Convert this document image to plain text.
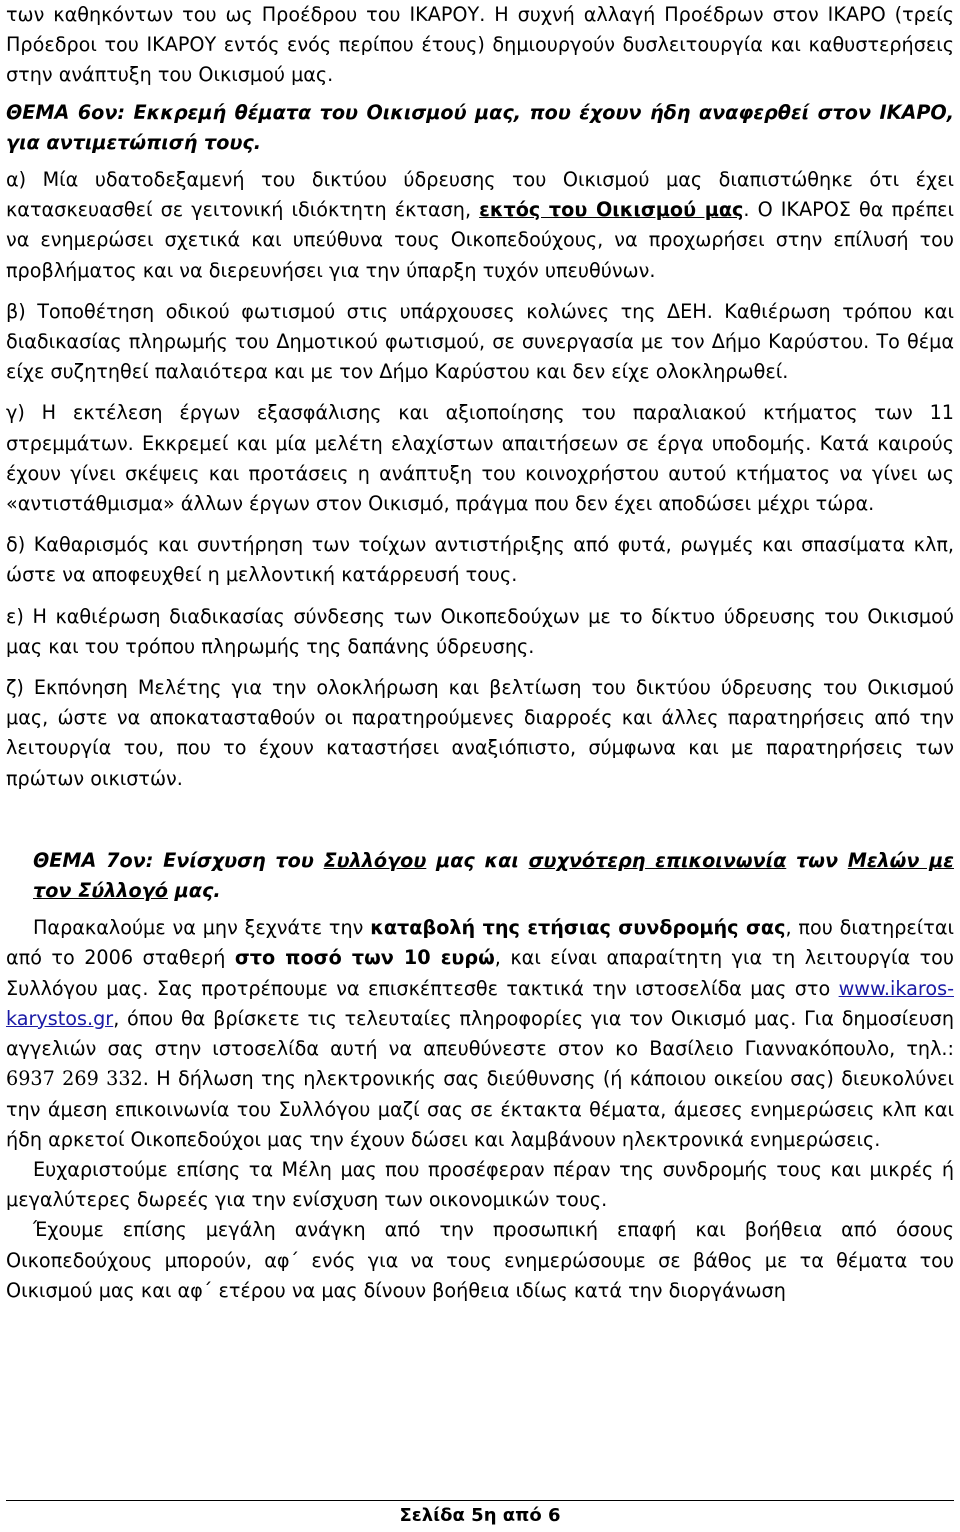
των καθηκόντων του ως Προέδρου του ΙΚΑΡΟΥ. Η συχνή αλλαγή Προέδρων στον ΙΚΑΡΟ (τρείς Πρόεδροι του ΙΚΑΡΟΥ εντός ενός περίπου έτους) δημιουργούν δυσλειτουργία και καθυστερήσεις στην ανάπτυξη του Οικισμού μας.

ΘΕΜΑ 6ον: Εκκρεμή θέματα του Οικισμού μας, που έχουν ήδη αναφερθεί στον ΙΚΑΡΟ, για αντιμετώπισή τους.

α) Μία υδατοδεξαμενή του δικτύου ύδρευσης του Οικισμού μας διαπιστώθηκε ότι έχει κατασκευασθεί σε γειτονική ιδιόκτητη έκταση, εκτός του Οικισμού μας. Ο ΙΚΑΡΟΣ θα πρέπει να ενημερώσει σχετικά και υπεύθυνα τους Οικοπεδούχους, να προχωρήσει στην επίλυσή του προβλήματος και να διερευνήσει για την ύπαρξη τυχόν υπευθύνων.

β) Τοποθέτηση οδικού φωτισμού στις υπάρχουσες κολώνες της ΔΕΗ. Καθιέρωση τρόπου και διαδικασίας πληρωμής του Δημοτικού φωτισμού, σε συνεργασία με τον Δήμο Καρύστου. Το θέμα είχε συζητηθεί παλαιότερα και με τον Δήμο Καρύστου και δεν είχε ολοκληρωθεί.

γ) Η εκτέλεση έργων εξασφάλισης και αξιοποίησης του παραλιακού κτήματος των 11 στρεμμάτων. Εκκρεμεί και μία μελέτη ελαχίστων απαιτήσεων σε έργα υποδομής. Κατά καιρούς έχουν γίνει σκέψεις και προτάσεις η ανάπτυξη του κοινοχρήστου αυτού κτήματος να γίνει ως «αντιστάθμισμα» άλλων έργων στον Οικισμό, πράγμα που δεν έχει αποδώσει μέχρι τώρα.

δ) Καθαρισμός και συντήρηση των τοίχων αντιστήριξης από φυτά, ρωγμές και σπασίματα κλπ, ώστε να αποφευχθεί η μελλοντική κατάρρευσή τους.

ε) Η καθιέρωση διαδικασίας σύνδεσης των Οικοπεδούχων με το δίκτυο ύδρευσης του Οικισμού μας και του τρόπου πληρωμής της δαπάνης ύδρευσης.

ζ) Εκπόνηση Μελέτης για την ολοκλήρωση και βελτίωση του δικτύου ύδρευσης του Οικισμού μας, ώστε να αποκατασταθούν οι παρατηρούμενες διαρροές και άλλες παρατηρήσεις από την λειτουργία του, που το έχουν καταστήσει αναξιόπιστο, σύμφωνα και με παρατηρήσεις των πρώτων οικιστών.

ΘΕΜΑ 7ον: Ενίσχυση του Συλλόγου μας και συχνότερη επικοινωνία των Μελών με τον Σύλλογό μας.

Παρακαλούμε να μην ξεχνάτε την καταβολή της ετήσιας συνδρομής σας, που διατηρείται από το 2006 σταθερή στο ποσό των 10 ευρώ, και είναι απαραίτητη για τη λειτουργία του Συλλόγου μας. Σας προτρέπουμε να επισκέπτεσθε τακτικά την ιστοσελίδα μας στο www.ikaros-karystos.gr, όπου θα βρίσκετε τις τελευταίες πληροφορίες για τον Οικισμό μας. Για δημοσίευση αγγελιών σας στην ιστοσελίδα αυτή να απευθύνεστε στον κο Βασίλειο Γιαννακόπουλο, τηλ.: 6937 269 332. Η δήλωση της ηλεκτρονικής σας διεύθυνσης (ή κάποιου οικείου σας) διευκολύνει την άμεση επικοινωνία του Συλλόγου μαζί σας σε έκτακτα θέματα, άμεσες ενημερώσεις κλπ και ήδη αρκετοί Οικοπεδούχοι μας την έχουν δώσει και λαμβάνουν ηλεκτρονικά ενημερώσεις.

Ευχαριστούμε επίσης τα Μέλη μας που προσέφεραν πέραν της συνδρομής τους και μικρές ή μεγαλύτερες δωρεές για την ενίσχυση των οικονομικών τους.

Έχουμε επίσης μεγάλη ανάγκη από την προσωπική επαφή και βοήθεια από όσους Οικοπεδούχους μπορούν, αφ΄ ενός για να τους ενημερώσουμε σε βάθος με τα θέματα του Οικισμού μας και αφ΄ ετέρου να μας δίνουν βοήθεια ιδίως κατά την διοργάνωση

Σελίδα 5η από 6
